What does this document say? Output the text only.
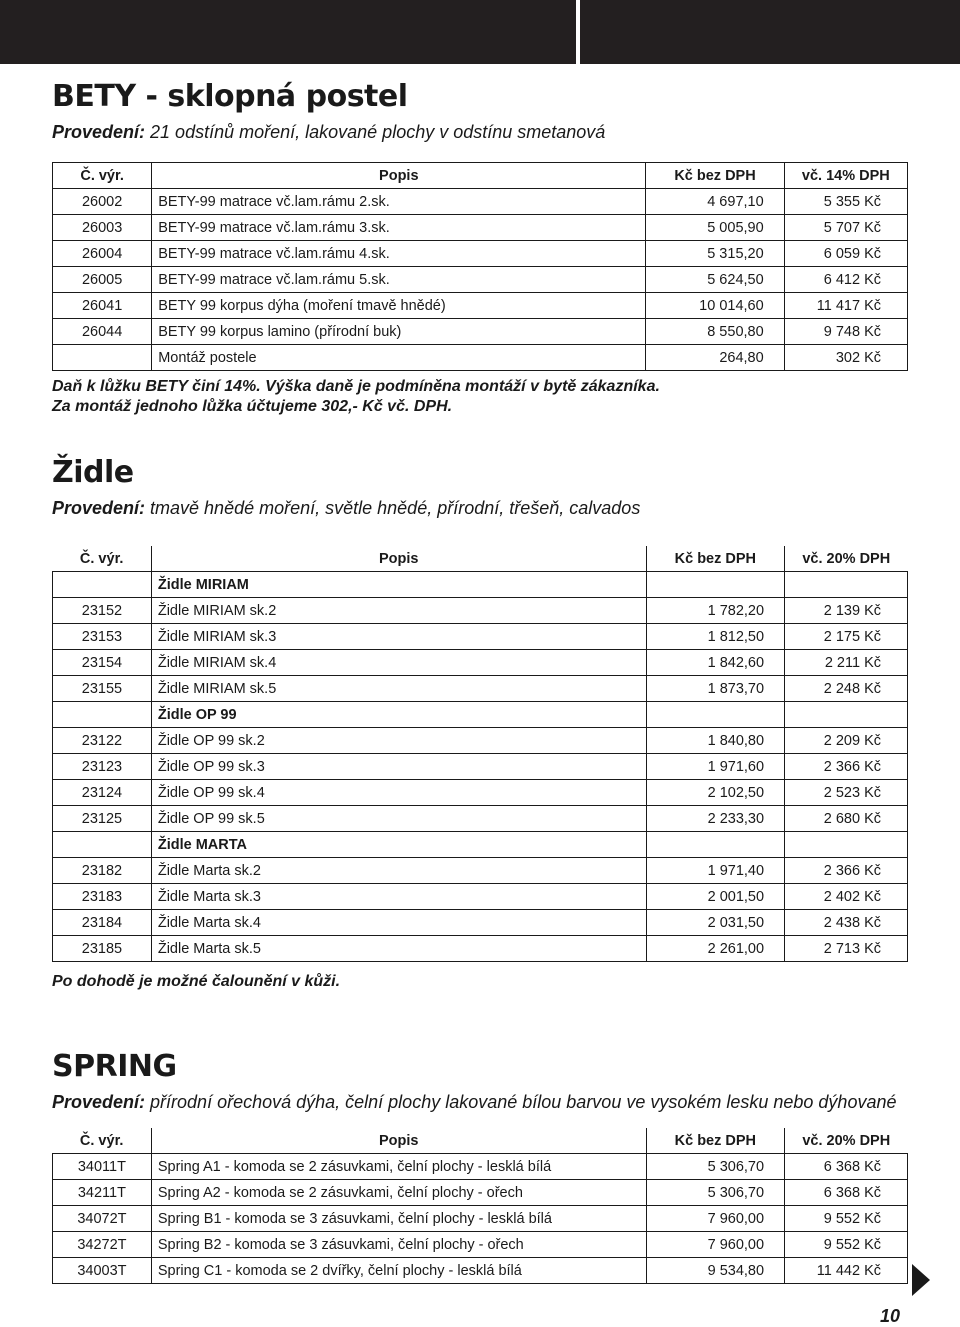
BETY - sklopná postel
Provedení: 21 odstínů moření, lakované plochy v odstínu smetanová
Č. výr.	Popis	Kč bez DPH	vč. 14% DPH
26002	BETY-99 matrace vč.lam.rámu 2.sk.	4 697,10	5 355 Kč
26003	BETY-99 matrace vč.lam.rámu 3.sk.	5 005,90	5 707 Kč
26004	BETY-99 matrace vč.lam.rámu 4.sk.	5 315,20	6 059 Kč
26005	BETY-99 matrace vč.lam.rámu 5.sk.	5 624,50	6 412 Kč
26041	BETY 99 korpus dýha (moření tmavě hnědé)	10 014,60	11 417 Kč
26044	BETY 99 korpus lamino (přírodní buk)	8 550,80	9 748 Kč
	Montáž postele	264,80	302 Kč
Daň k lůžku BETY činí 14%. Výška daně je podmíněna montáží v bytě zákazníka.
Za montáž jednoho lůžka účtujeme 302,- Kč vč. DPH.
Židle
Provedení: tmavě hnědé moření, světle hnědé, přírodní, třešeň, calvados
Č. výr.	Popis	Kč bez DPH	vč. 20% DPH
	Židle MIRIAM		
23152	Židle MIRIAM sk.2	1 782,20	2 139 Kč
23153	Židle MIRIAM sk.3	1 812,50	2 175 Kč
23154	Židle MIRIAM sk.4	1 842,60	2 211 Kč
23155	Židle MIRIAM sk.5	1 873,70	2 248 Kč
	Židle OP 99		
23122	Židle OP 99 sk.2	1 840,80	2 209 Kč
23123	Židle OP 99 sk.3	1 971,60	2 366 Kč
23124	Židle OP 99 sk.4	2 102,50	2 523 Kč
23125	Židle OP 99 sk.5	2 233,30	2 680 Kč
	Židle MARTA		
23182	Židle Marta sk.2	1 971,40	2 366 Kč
23183	Židle Marta sk.3	2 001,50	2 402 Kč
23184	Židle Marta sk.4	2 031,50	2 438 Kč
23185	Židle Marta sk.5	2 261,00	2 713 Kč
Po dohodě je možné čalounění v kůži.
SPRING
Provedení: přírodní ořechová dýha, čelní plochy lakované bílou barvou ve vysokém lesku nebo dýhované
Č. výr.	Popis	Kč bez DPH	vč. 20% DPH
34011T	Spring A1 - komoda se 2 zásuvkami, čelní plochy - lesklá bílá	5 306,70	6 368 Kč
34211T	Spring A2 - komoda se 2 zásuvkami, čelní plochy - ořech	5 306,70	6 368 Kč
34072T	Spring B1 - komoda se 3 zásuvkami, čelní plochy - lesklá bílá	7 960,00	9 552 Kč
34272T	Spring B2 - komoda se 3 zásuvkami, čelní plochy - ořech	7 960,00	9 552 Kč
34003T	Spring C1 - komoda se 2 dvířky, čelní plochy - lesklá bílá	9 534,80	11 442 Kč
10
